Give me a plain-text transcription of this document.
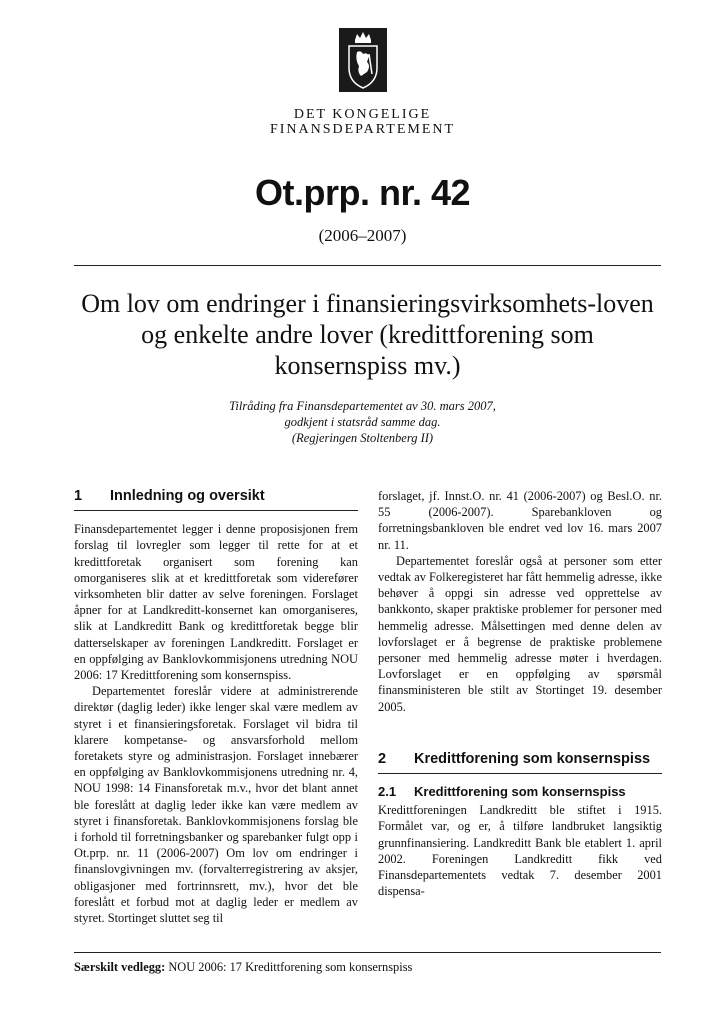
DET KONGELIGE
FINANSDEPARTEMENT
Ot.prp. nr. 42
(2006–2007)
Om lov om endringer i finansieringsvirksomhets-loven og enkelte andre lover (kredittforening som konsernspiss mv.)
Tilråding fra Finansdepartementet av 30. mars 2007,
godkjent i statsråd samme dag.
(Regjeringen Stoltenberg II)
1	Innledning og oversikt

Finansdepartementet legger i denne proposisjonen frem forslag til lovregler som legger til rette for at et kredittforetak organisert som forening kan omorganiseres slik at et kredittforetak som viderefører virksomheten blir datter av selve foreningen. Forslaget åpner for at Landkreditt-konsernet kan omorganiseres, slik at Landkreditt Bank og kredittforetak begge blir datterselskaper av foreningen Landkreditt. Forslaget er en oppfølging av Banklovkommisjonens utredning NOU 2006: 17 Kredittforening som konsernspiss.

Departementet foreslår videre at administrerende direktør (daglig leder) ikke lenger skal være medlem av styret i et finansieringsforetak. Forslaget vil bidra til klarere kompetanse- og ansvarsforhold mellom foretakets styre og administrasjon. Forslaget innebærer en oppfølging av Banklovkommisjonens utredning nr. 4, NOU 1998: 14 Finansforetak m.v., hvor det blant annet ble foreslått at daglig leder ikke kan være medlem av styret i finansforetak. Banklovkommisjonens forslag ble i forhold til forretningsbanker og sparebanker fulgt opp i Ot.prp. nr. 11 (2006-2007) Om lov om endringer i finanslovgivningen mv. (forvalterregistrering av aksjer, obligasjoner med fortrinnsrett, mv.), hvor det ble foreslått et forbud mot at daglig leder er medlem av styret. Stortinget sluttet seg til

forslaget, jf. Innst.O. nr. 41 (2006-2007) og Besl.O. nr. 55 (2006-2007). Sparebankloven og forretningsbankloven ble endret ved lov 16. mars 2007 nr. 11.

Departementet foreslår også at personer som etter vedtak av Folkeregisteret har fått hemmelig adresse, ikke behøver å oppgi sin adresse ved opprettelse av bankkonto, skaper praktiske problemer for personer med hemmelig adresse. Målsettingen med denne delen av lovforslaget er å begrense de praktiske problemene personer med hemmelig adresse møter i hverdagen. Lovforslaget er en oppfølging av spørsmål finansministeren ble stilt av Stortinget 19. desember 2005.

2	Kredittforening som konsernspiss
2.1	Kredittforening som konsernspiss

Kredittforeningen Landkreditt ble stiftet i 1915. Formålet var, og er, å tilføre landbruket langsiktig grunnfinansiering. Landkreditt Bank ble etablert 1. april 2002. Foreningen Landkreditt fikk ved Finansdepartementets vedtak 7. desember 2001 dispensa-

Særskilt vedlegg: NOU 2006: 17 Kredittforening som konsernspiss
